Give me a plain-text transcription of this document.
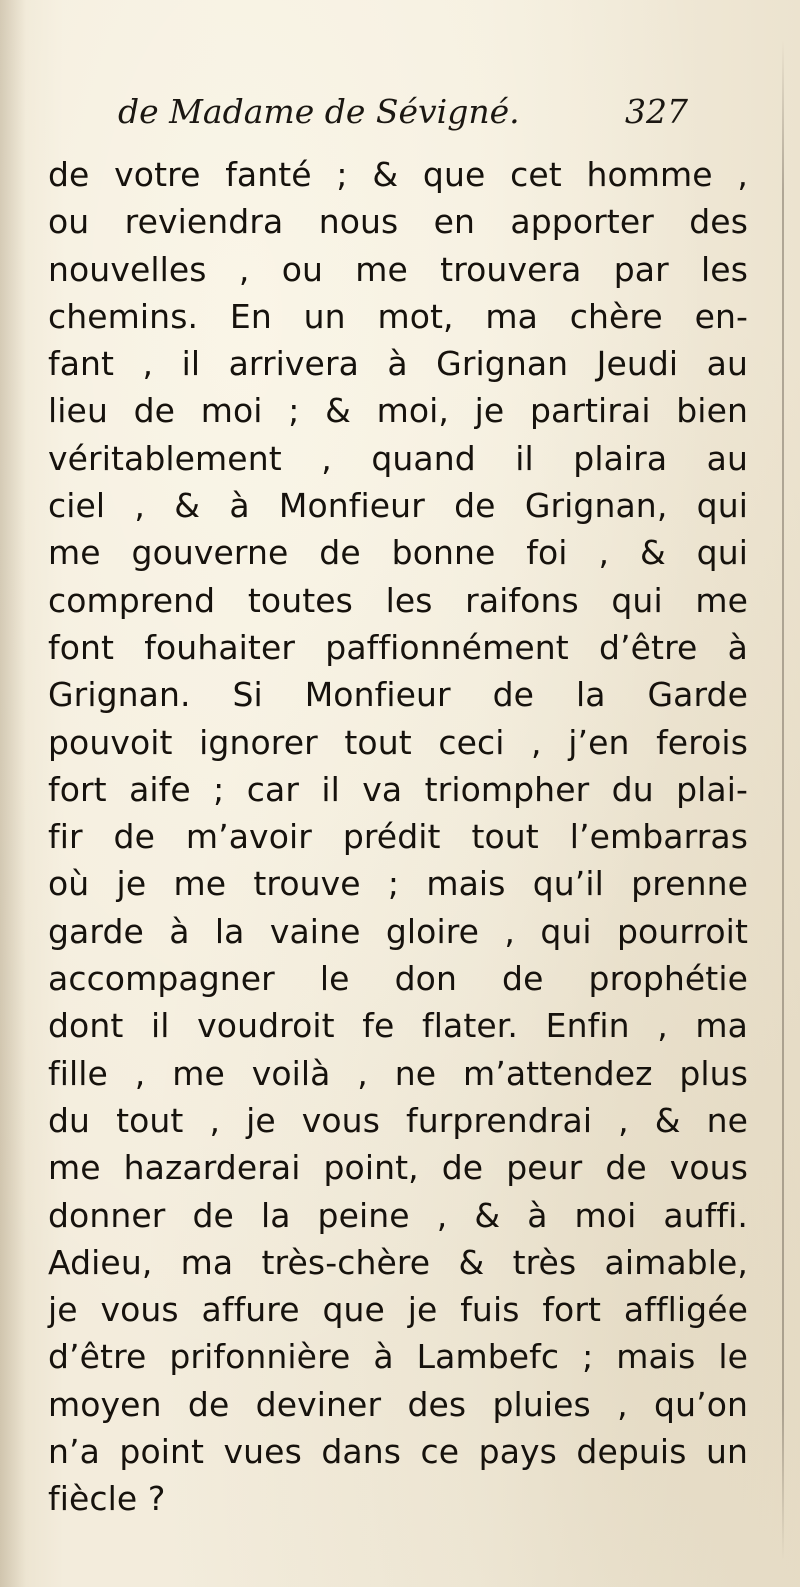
de Madame de Sévigné.	327
de votre fanté ; & que cet homme ,
ou reviendra nous en apporter des
nouvelles , ou me trouvera par les
chemins. En un mot, ma chère en-
fant , il arrivera à Grignan Jeudi au
lieu de moi ; & moi, je partirai bien
véritablement , quand il plaira au
ciel , & à Monfieur de Grignan, qui
me gouverne de bonne foi , & qui
comprend toutes les raifons qui me
font fouhaiter paffionnément d’être à
Grignan. Si Monfieur de la Garde
pouvoit ignorer tout ceci , j’en ferois
fort aife ; car il va triompher du plai-
fir de m’avoir prédit tout l’embarras
où je me trouve ; mais qu’il prenne
garde à la vaine gloire , qui pourroit
accompagner le don de prophétie
dont il voudroit fe flater. Enfin , ma
fille , me voilà , ne m’attendez plus
du tout , je vous furprendrai , & ne
me hazarderai point, de peur de vous
donner de la peine , & à moi auffi.
Adieu, ma très-chère & très aimable,
je vous affure que je fuis fort affligée
d’être prifonnière à Lambefc ; mais le
moyen de deviner des pluies , qu’on
n’a point vues dans ce pays depuis un
fiècle ?
